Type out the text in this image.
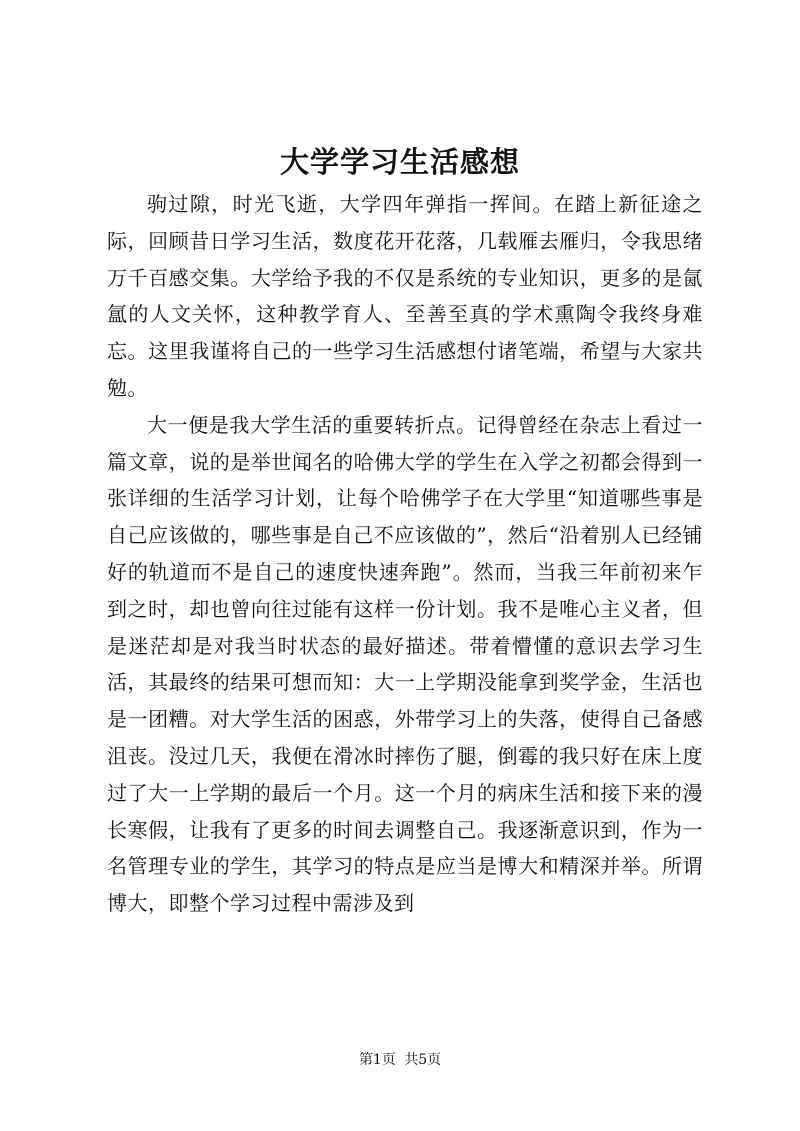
大学学习生活感想

驹过隙，时光飞逝，大学四年弹指一挥间。在踏上新征途之际，回顾昔日学习生活，数度花开花落，几载雁去雁归，令我思绪万千百感交集。大学给予我的不仅是系统的专业知识，更多的是氤氲的人文关怀，这种教学育人、至善至真的学术熏陶令我终身难忘。这里我谨将自己的一些学习生活感想付诸笔端，希望与大家共勉。

大一便是我大学生活的重要转折点。记得曾经在杂志上看过一篇文章，说的是举世闻名的哈佛大学的学生在入学之初都会得到一张详细的生活学习计划，让每个哈佛学子在大学里“知道哪些事是自己应该做的，哪些事是自己不应该做的”，然后“沿着别人已经铺好的轨道而不是自己的速度快速奔跑”。然而，当我三年前初来乍到之时，却也曾向往过能有这样一份计划。我不是唯心主义者，但是迷茫却是对我当时状态的最好描述。带着懵懂的意识去学习生活，其最终的结果可想而知：大一上学期没能拿到奖学金，生活也是一团糟。对大学生活的困惑，外带学习上的失落，使得自己备感沮丧。没过几天，我便在滑冰时摔伤了腿，倒霉的我只好在床上度过了大一上学期的最后一个月。这一个月的病床生活和接下来的漫长寒假，让我有了更多的时间去调整自己。我逐渐意识到，作为一名管理专业的学生，其学习的特点是应当是博大和精深并举。所谓博大，即整个学习过程中需涉及到

第1页 共5页
